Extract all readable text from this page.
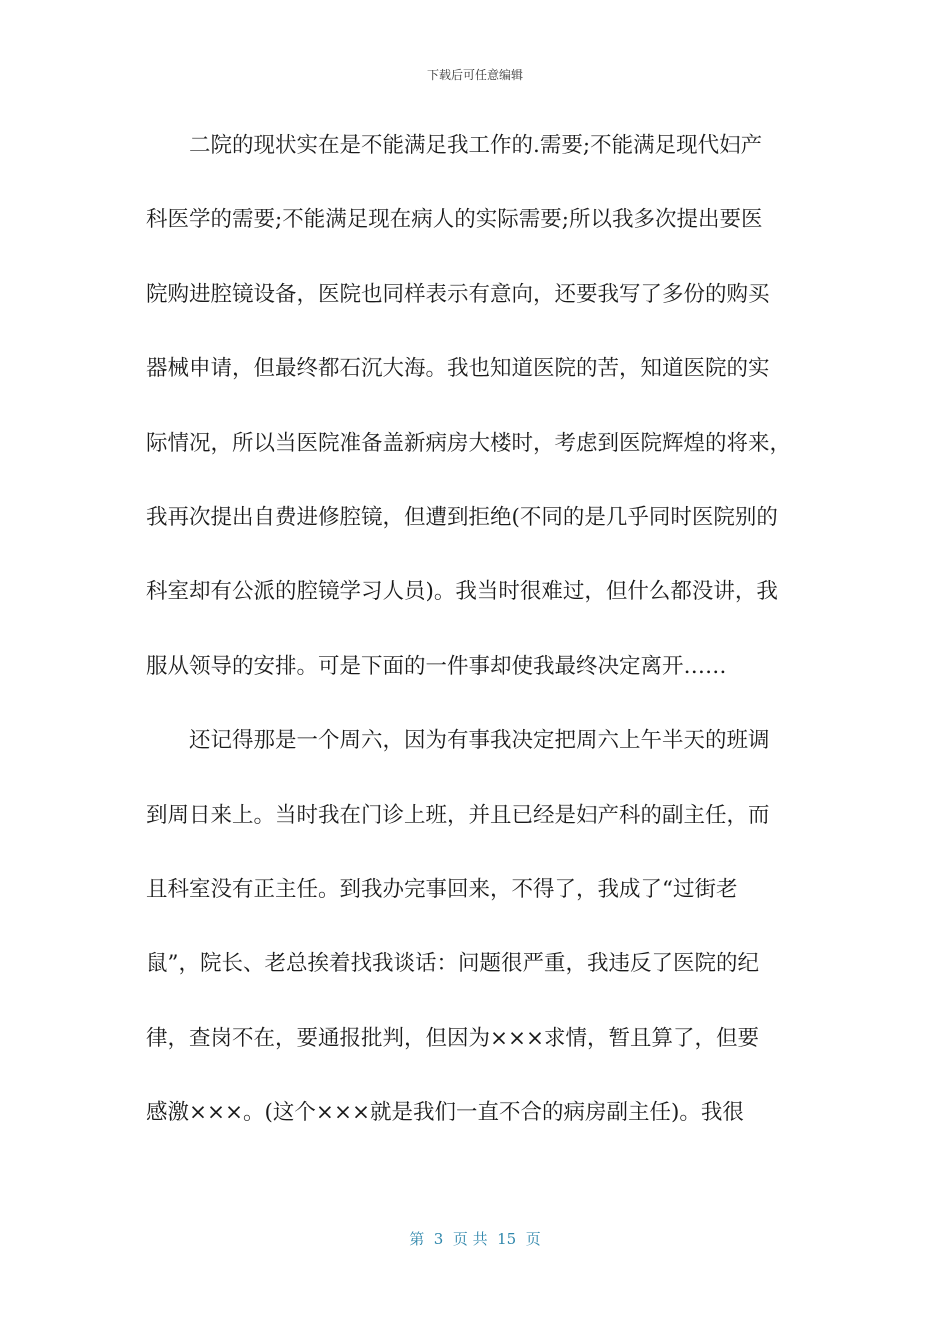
下载后可任意编辑
二院的现状实在是不能满足我工作的.需要;不能满足现代妇产
科医学的需要;不能满足现在病人的实际需要;所以我多次提出要医
院购进腔镜设备，医院也同样表示有意向，还要我写了多份的购买
器械申请，但最终都石沉大海。我也知道医院的苦，知道医院的实
际情况，所以当医院准备盖新病房大楼时，考虑到医院辉煌的将来，
我再次提出自费进修腔镜，但遭到拒绝(不同的是几乎同时医院别的
科室却有公派的腔镜学习人员)。我当时很难过，但什么都没讲，我
服从领导的安排。可是下面的一件事却使我最终决定离开……
还记得那是一个周六，因为有事我决定把周六上午半天的班调
到周日来上。当时我在门诊上班，并且已经是妇产科的副主任，而
且科室没有正主任。到我办完事回来，不得了，我成了“过街老
鼠”，院长、老总挨着找我谈话：问题很严重，我违反了医院的纪
律，查岗不在，要通报批判，但因为×××求情，暂且算了，但要
感激×××。(这个×××就是我们一直不合的病房副主任)。我很
第  3  页 共  15  页
